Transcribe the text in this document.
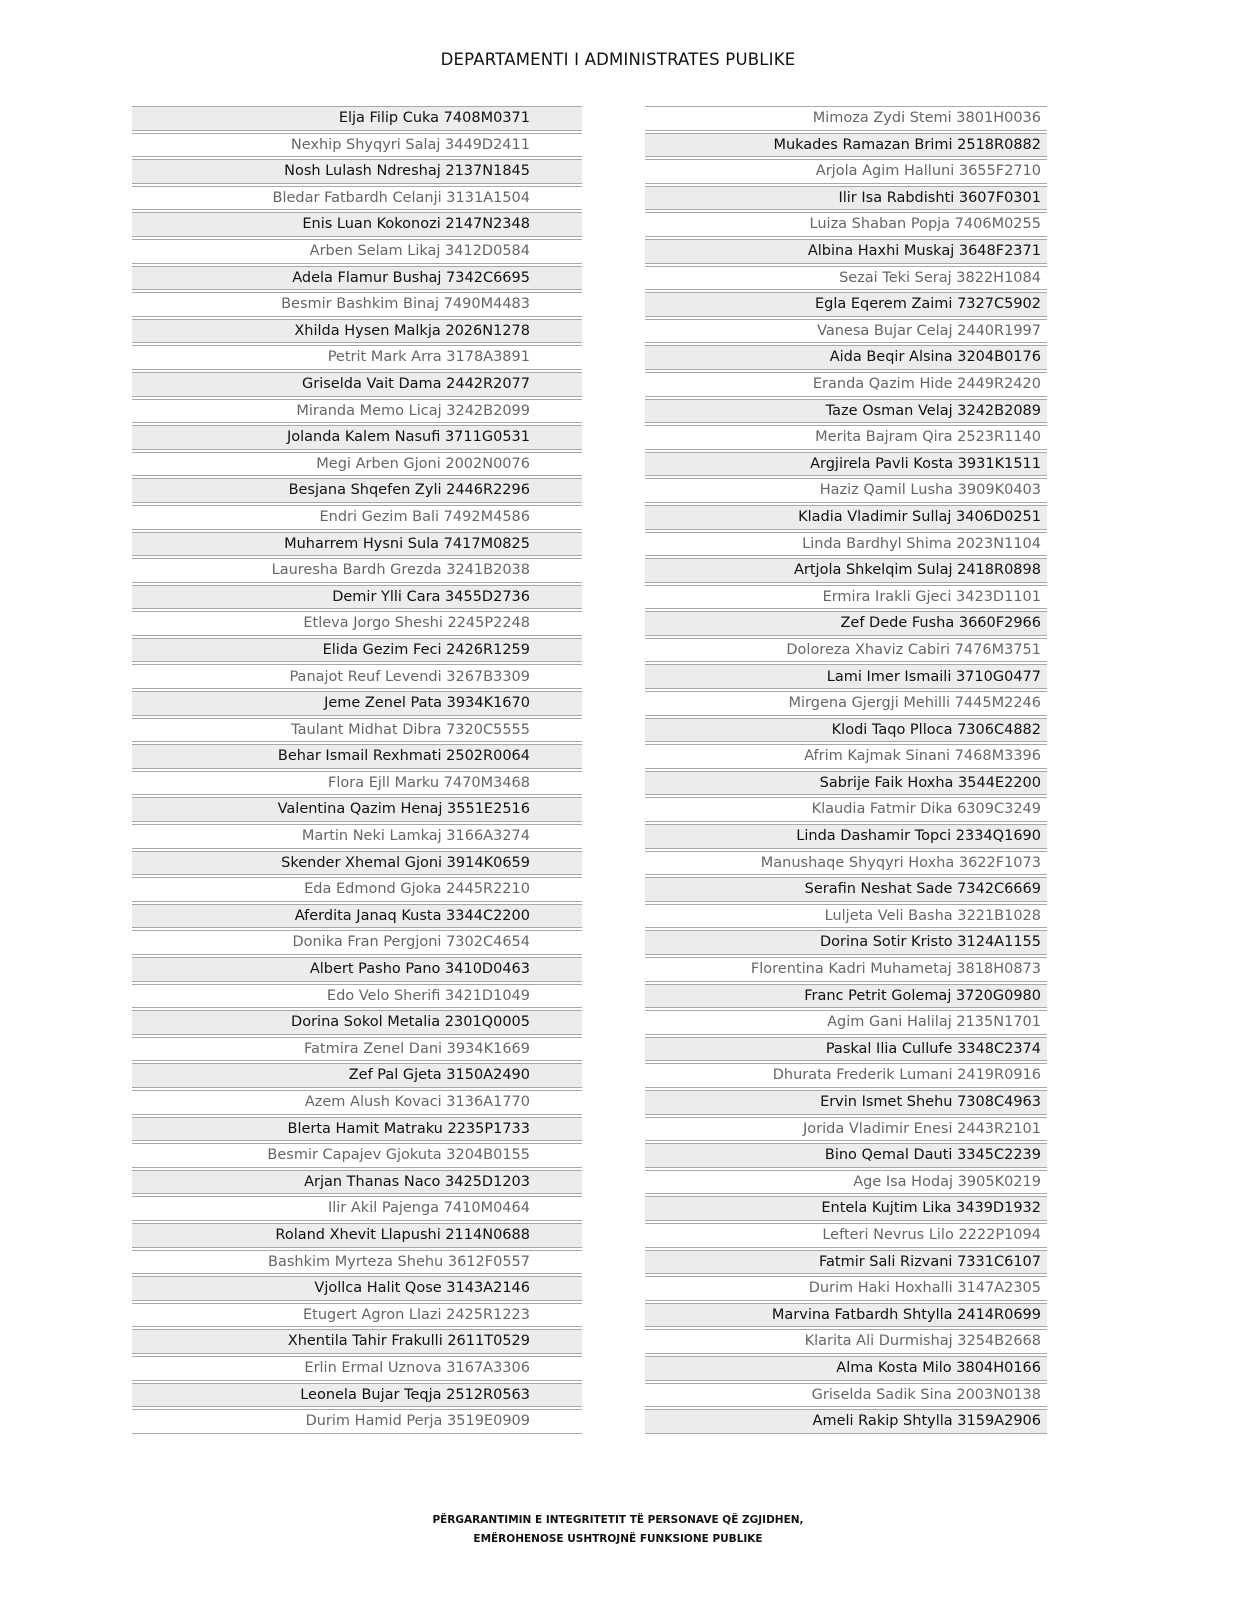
DEPARTAMENTI I ADMINISTRATES PUBLIKE
Elja Filip Cuka 7408M0371
Nexhip Shyqyri Salaj 3449D2411
Nosh Lulash Ndreshaj 2137N1845
Bledar Fatbardh Celanji 3131A1504
Enis Luan Kokonozi 2147N2348
Arben Selam Likaj 3412D0584
Adela Flamur Bushaj 7342C6695
Besmir Bashkim Binaj 7490M4483
Xhilda Hysen Malkja 2026N1278
Petrit Mark Arra 3178A3891
Griselda Vait Dama 2442R2077
Miranda Memo Licaj 3242B2099
Jolanda Kalem Nasufi 3711G0531
Megi Arben Gjoni 2002N0076
Besjana Shqefen Zyli 2446R2296
Endri Gezim Bali 7492M4586
Muharrem Hysni Sula 7417M0825
Lauresha Bardh Grezda 3241B2038
Demir Ylli Cara 3455D2736
Etleva Jorgo Sheshi 2245P2248
Elida Gezim Feci 2426R1259
Panajot Reuf Levendi 3267B3309
Jeme Zenel Pata 3934K1670
Taulant Midhat Dibra 7320C5555
Behar Ismail Rexhmati 2502R0064
Flora Ejll Marku 7470M3468
Valentina Qazim Henaj 3551E2516
Martin Neki Lamkaj 3166A3274
Skender Xhemal Gjoni 3914K0659
Eda Edmond Gjoka 2445R2210
Aferdita Janaq Kusta 3344C2200
Donika Fran Pergjoni 7302C4654
Albert Pasho Pano 3410D0463
Edo Velo Sherifi 3421D1049
Dorina Sokol Metalia 2301Q0005
Fatmira Zenel Dani 3934K1669
Zef Pal Gjeta 3150A2490
Azem Alush Kovaci 3136A1770
Blerta Hamit Matraku 2235P1733
Besmir Capajev Gjokuta 3204B0155
Arjan Thanas Naco 3425D1203
Ilir Akil Pajenga 7410M0464
Roland Xhevit Llapushi 2114N0688
Bashkim Myrteza Shehu 3612F0557
Vjollca Halit Qose 3143A2146
Etugert Agron Llazi 2425R1223
Xhentila Tahir Frakulli 2611T0529
Erlin Ermal Uznova 3167A3306
Leonela Bujar Teqja 2512R0563
Durim Hamid Perja 3519E0909
Mimoza Zydi Stemi 3801H0036
Mukades Ramazan Brimi 2518R0882
Arjola Agim Halluni 3655F2710
Ilir Isa Rabdishti 3607F0301
Luiza Shaban Popja 7406M0255
Albina Haxhi Muskaj 3648F2371
Sezai Teki Seraj 3822H1084
Egla Eqerem Zaimi 7327C5902
Vanesa Bujar Celaj 2440R1997
Aida Beqir Alsina 3204B0176
Eranda Qazim Hide 2449R2420
Taze Osman Velaj 3242B2089
Merita Bajram Qira 2523R1140
Argjirela Pavli Kosta 3931K1511
Haziz Qamil Lusha 3909K0403
Kladia Vladimir Sullaj 3406D0251
Linda Bardhyl Shima 2023N1104
Artjola Shkelqim Sulaj 2418R0898
Ermira Irakli Gjeci 3423D1101
Zef Dede Fusha 3660F2966
Doloreza Xhaviz Cabiri 7476M3751
Lami Imer Ismaili 3710G0477
Mirgena Gjergji Mehilli 7445M2246
Klodi Taqo Plloca 7306C4882
Afrim Kajmak Sinani 7468M3396
Sabrije Faik Hoxha 3544E2200
Klaudia Fatmir Dika 6309C3249
Linda Dashamir Topci 2334Q1690
Manushaqe Shyqyri Hoxha 3622F1073
Serafin Neshat Sade 7342C6669
Luljeta Veli Basha 3221B1028
Dorina Sotir Kristo 3124A1155
Florentina Kadri Muhametaj 3818H0873
Franc Petrit Golemaj 3720G0980
Agim Gani Halilaj 2135N1701
Paskal Ilia Cullufe 3348C2374
Dhurata Frederik Lumani 2419R0916
Ervin Ismet Shehu 7308C4963
Jorida Vladimir Enesi 2443R2101
Bino Qemal Dauti 3345C2239
Age Isa Hodaj 3905K0219
Entela Kujtim Lika 3439D1932
Lefteri Nevrus Lilo 2222P1094
Fatmir Sali Rizvani 7331C6107
Durim Haki Hoxhalli 3147A2305
Marvina Fatbardh Shtylla 2414R0699
Klarita Ali Durmishaj 3254B2668
Alma Kosta Milo 3804H0166
Griselda Sadik Sina 2003N0138
Ameli Rakip Shtylla 3159A2906
PËRGARANTIMIN E INTEGRITETIT TË PERSONAVE QË ZGJIDHEN,
EMËROHENOSE USHTROJNË FUNKSIONE PUBLIKE
